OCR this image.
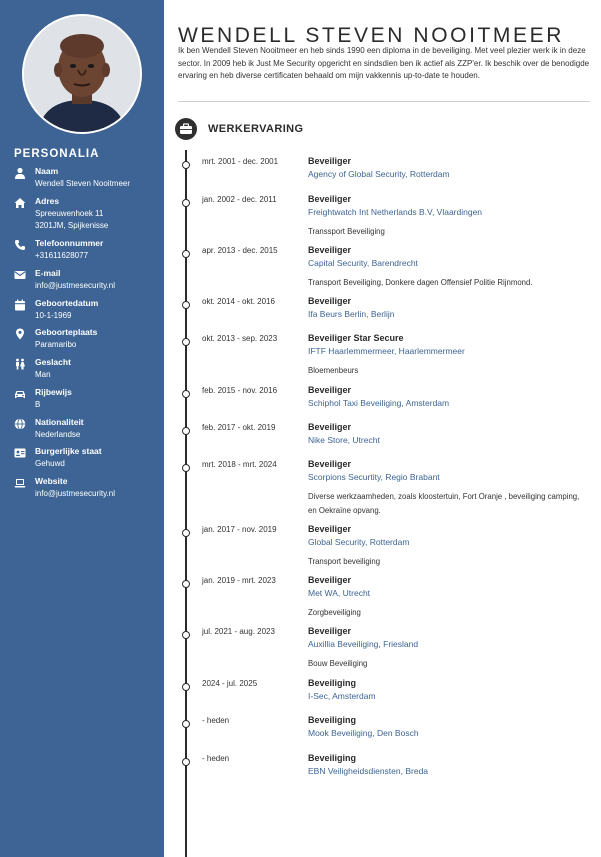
PERSONALIA
Naam
Wendell Steven Nooitmeer
Adres
Spreeuwenhoek 11
3201JM, Spijkenisse
Telefoonnummer
+31611628077
E-mail
info@justmesecurity.nl
Geboortedatum
10-1-1969
Geboorteplaats
Paramaribo
Geslacht
Man
Rijbewijs
B
Nationaliteit
Nederlandse
Burgerlijke staat
Gehuwd
Website
info@justmesecurity.nl
WENDELL STEVEN NOOITMEER

Ik ben Wendell Steven Nooitmeer en heb sinds 1990 een diploma in de beveiliging. Met veel plezier werk ik in deze sector. In 2009 heb ik Just Me Security opgericht en sindsdien ben ik actief als ZZP'er. Ik beschik over de benodigde ervaring en heb diverse certificaten behaald om mijn vakkennis up-to-date te houden.

WERKERVARING
mrt. 2001 - dec. 2001	Beveiliger
Agency of Global Security, Rotterdam
jan. 2002 - dec. 2011	Beveiliger
Freightwatch Int Netherlands B.V, Vlaardingen
Transsport Beveiliging
apr. 2013 - dec. 2015	Beveiliger
Capital Security, Barendrecht
Transport Beveiliging, Donkere dagen Offensief Politie Rijnmond.
okt. 2014 - okt. 2016	Beveiliger
Ifa Beurs Berlin, Berlijn
okt. 2013 - sep. 2023	Beveiliger Star Secure
IFTF Haarlemmermeer, Haarlemmermeer
Bloemenbeurs
feb. 2015 - nov. 2016	Beveiliger
Schiphol Taxi Beveiliging, Amsterdam
feb. 2017 - okt. 2019	Beveiliger
Nike Store, Utrecht
mrt. 2018 - mrt. 2024	Beveiliger
Scorpions Securtity, Regio Brabant
Diverse werkzaamheden, zoals kloostertuin, Fort Oranje , beveiliging camping, en Oekraïne opvang.
jan. 2017 - nov. 2019	Beveiliger
Global Security, Rotterdam
Transport beveiliging
jan. 2019 - mrt. 2023	Beveiliger
Met WA, Utrecht
Zorgbeveiliging
jul. 2021 - aug. 2023	Beveiliger
Auxillia Beveiliging, Friesland
Bouw Beveiliging
2024 - jul. 2025	Beveiliging
I-Sec, Amsterdam
- heden	Beveiliging
Mook Beveiliging, Den Bosch
- heden	Beveiliging
EBN Veiligheidsdiensten, Breda
